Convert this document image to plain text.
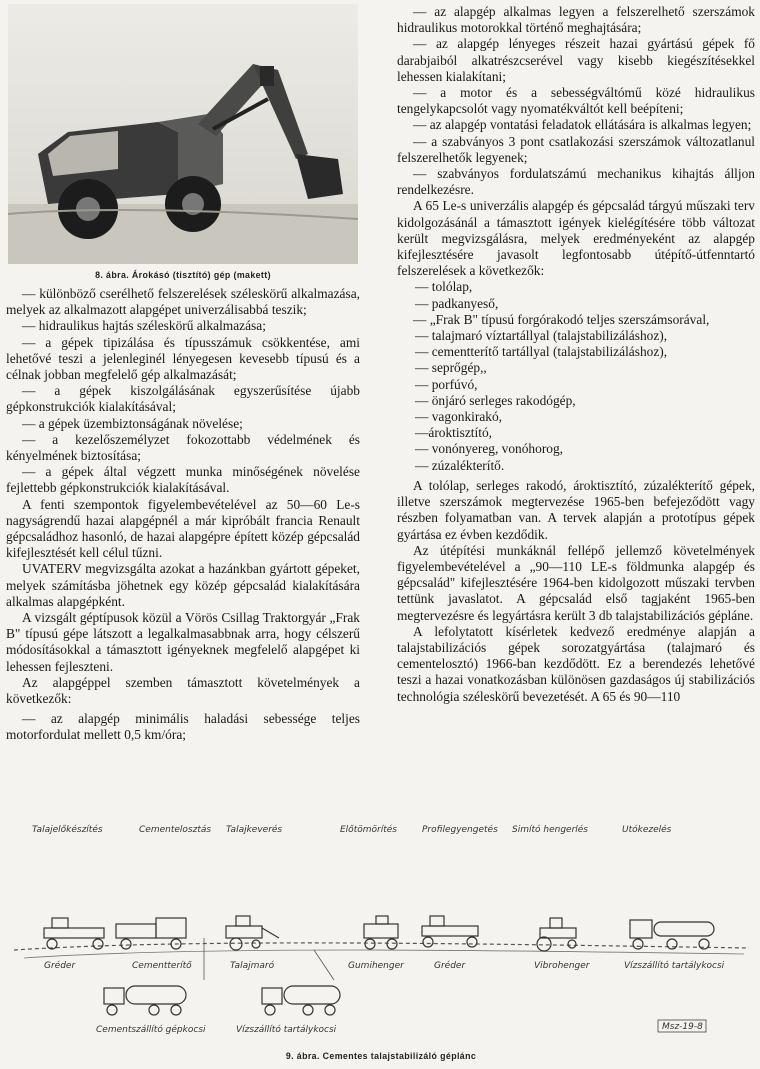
8. ábra. Árokásó (tisztító) gép (makett)

— különböző cserélhető felszerelések széleskörű alkalmazása, melyek az alkalmazott alapgépet univerzálisabbá teszik;

— hidraulikus hajtás széleskörű alkalmazása;

— a gépek tipizálása és típusszámuk csökkentése, ami lehetővé teszi a jelenleginél lényegesen kevesebb típusú és a célnak jobban megfelelő gép alkalmazását;

— a gépek kiszolgálásának egyszerűsítése újabb gépkonstrukciók kialakításával;

— a gépek üzembiztonságának növelése;

— a kezelőszemélyzet fokozottabb védelmének és kényelmének biztosítása;

— a gépek által végzett munka minőségének növelése fejlettebb gépkonstrukciók kialakításával.

A fenti szempontok figyelembevételével az 50—60 Le-s nagyságrendű hazai alapgépnél a már kipróbált francia Renault gépcsaládhoz hasonló, de hazai alapgépre épített közép gépcsalád kifejlesztését kell célul tűzni.

UVATERV megvizsgálta azokat a hazánkban gyártott gépeket, melyek számításba jöhetnek egy közép gépcsalád kialakítására alkalmas alapgépként.

A vizsgált géptípusok közül a Vörös Csillag Traktorgyár „Frak B" típusú gépe látszott a legalkalmasabbnak arra, hogy célszerű módosításokkal a támasztott igényeknek megfelelő alapgépet ki lehessen fejleszteni.

Az alapgéppel szemben támasztott követelmények a következők:

— az alapgép minimális haladási sebessége teljes motorfordulat mellett 0,5 km/óra;

— az alapgép alkalmas legyen a felszerelhető szerszámok hidraulikus motorokkal történő meghajtására;

— az alapgép lényeges részeit hazai gyártású gépek fő darabjaiból alkatrészcserével vagy kisebb kiegészítésekkel lehessen kialakítani;

— a motor és a sebességváltómű közé hidraulikus tengelykapcsolót vagy nyomatékváltót kell beépíteni;

— az alapgép vontatási feladatok ellátására is alkalmas legyen;

— a szabványos 3 pont csatlakozási szerszámok változatlanul felszerelhetők legyenek;

— szabványos fordulatszámú mechanikus kihajtás álljon rendelkezésre.

A 65 Le-s univerzális alapgép és gépcsalád tárgyú műszaki terv kidolgozásánál a támasztott igények kielégítésére több változat került megvizsgálásra, melyek eredményeként az alapgép kifejlesztésére javasolt legfontosabb útépítő-útfenntartó felszerelések a következők:

— tolólap,

— padkanyeső,

— „Frak B" típusú forgórakodó teljes szerszámsorával,

— talajmaró víztartállyal (talajstabilizáláshoz),

— cementterítő tartállyal (talajstabilizáláshoz),

— seprőgép,,

— porfúvó,

— önjáró serleges rakodógép,

— vagonkirakó,

—ároktisztító,

— vonónyereg, vonóhorog,

— zúzalékterítő.

A tolólap, serleges rakodó, ároktisztító, zúzalékterítő gépek, illetve szerszámok megtervezése 1965-ben befejeződött vagy részben folyamatban van. A tervek alapján a prototípus gépek gyártása ez évben kezdődik.

Az útépítési munkáknál fellépő jellemző követelmények figyelembevételével a „90—110 LE-s földmunka alapgép és gépcsalád" kifejlesztésére 1964-ben kidolgozott műszaki tervben tettünk javaslatot. A gépcsalád első tagjaként 1965-ben megtervezésre és legyártásra került 3 db talajstabilizációs gépláne.

A lefolytatott kísérletek kedvező eredménye alapján a talajstabilizációs gépek sorozatgyártása (talajmaró és cementelosztó) 1966-ban kezdődött. Ez a berendezés lehetővé teszi a hazai vonatkozásban különösen gazdaságos új stabilizációs technológia széleskörű bevezetését. A 65 és 90—110

Talajelőkészítés	Cementelosztás Talajkeverés	Előtömörítés	Profilegyengetés Simító hengerlés	Utókezelés
Gréder	Cementterítő	Talajmaró	Gumihenger	Gréder	Vibrohenger	Vízszállító tartálykocsi
Cementszállító gépkocsi	Vízszállító tartálykocsi	Msz-19-8
9. ábra. Cementes talajstabilizáló géplánc
